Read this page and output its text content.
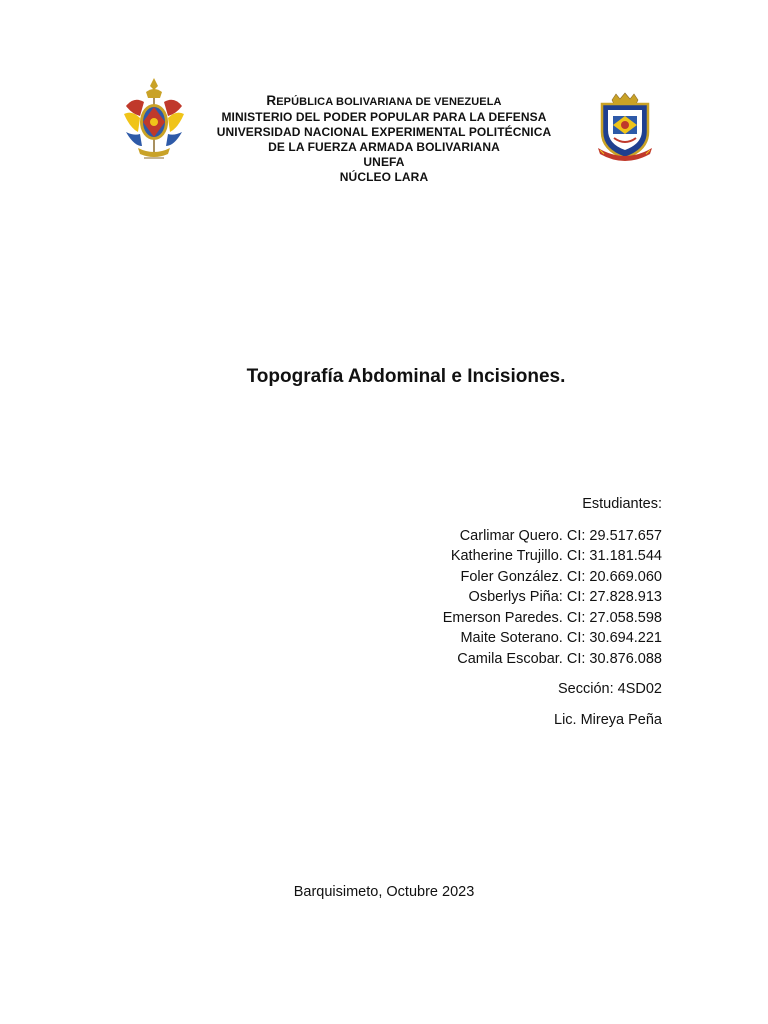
REPÚBLICA BOLIVARIANA DE VENEZUELA
MINISTERIO DEL PODER POPULAR PARA LA DEFENSA
UNIVERSIDAD NACIONAL EXPERIMENTAL POLITÉCNICA
DE LA FUERZA ARMADA BOLIVARIANA
UNEFA
NÚCLEO LARA
Topografía Abdominal e Incisiones.
Estudiantes:
Carlimar Quero. CI: 29.517.657
Katherine Trujillo. CI: 31.181.544
Foler González. CI: 20.669.060
Osberlys Piña: CI: 27.828.913
Emerson Paredes. CI: 27.058.598
Maite Soterano. CI: 30.694.221
Camila Escobar. CI: 30.876.088
Sección: 4SD02
Lic. Mireya Peña
Barquisimeto, Octubre 2023
